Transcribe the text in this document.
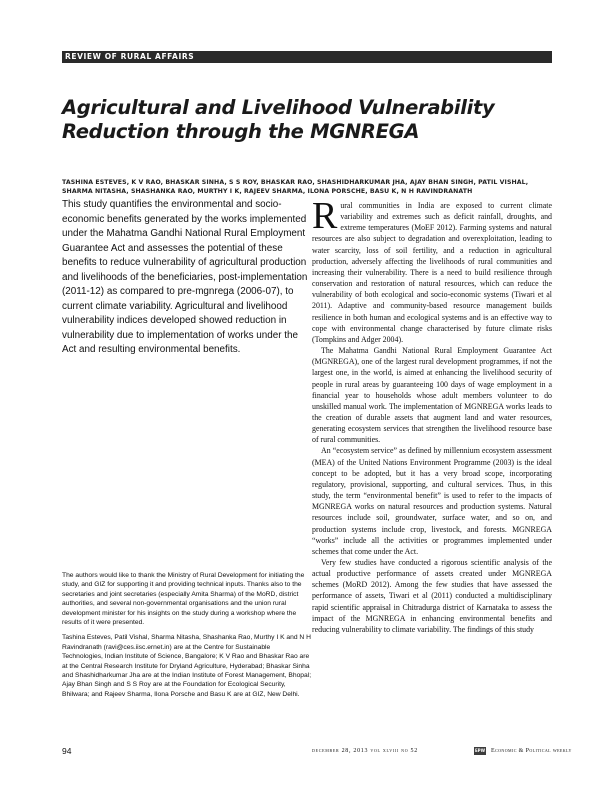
REVIEW OF RURAL AFFAIRS
Agricultural and Livelihood Vulnerability
Reduction through the MGNREGA

TASHINA ESTEVES, K V RAO, BHASKAR SINHA, S S ROY, BHASKAR RAO, SHASHIDHARKUMAR JHA, AJAY BHAN SINGH, PATIL VISHAL,
SHARMA NITASHA, SHASHANKA RAO, MURTHY I K, RAJEEV SHARMA, ILONA PORSCHE, BASU K, N H RAVINDRANATH

This study quantifies the environmental and socio-economic benefits generated by the works implemented under the Mahatma Gandhi National Rural Employment Guarantee Act and assesses the potential of these benefits to reduce vulnerability of agricultural production and livelihoods of the beneficiaries, post-implementation (2011-12) as compared to pre-mgnrega (2006-07), to current climate variability. Agricultural and livelihood vulnerability indices developed showed reduction in vulnerability due to implementation of works under the Act and resulting environmental benefits.

The authors would like to thank the Ministry of Rural Development for initiating the study, and GIZ for supporting it and providing technical inputs. Thanks also to the secretaries and joint secretaries (especially Amita Sharma) of the MoRD, district authorities, and several non-governmental organisations and the union rural development minister for his insights on the study during a workshop where the results of it were presented.

Tashina Esteves, Patil Vishal, Sharma Nitasha, Shashanka Rao, Murthy I K and N H Ravindranath (ravi@ces.iisc.ernet.in) are at the Centre for Sustainable Technologies, Indian Institute of Science, Bangalore; K V Rao and Bhaskar Rao are at the Central Research Institute for Dryland Agriculture, Hyderabad; Bhaskar Sinha and Shashidharkumar Jha are at the Indian Institute of Forest Management, Bhopal; Ajay Bhan Singh and S S Roy are at the Foundation for Ecological Security, Bhilwara; and Rajeev Sharma, Ilona Porsche and Basu K are at GIZ, New Delhi.

Rural communities in India are exposed to current climate variability and extremes such as deficit rainfall, droughts, and extreme temperatures (MoEF 2012). Farming systems and natural resources are also subject to degradation and overexploitation, leading to water scarcity, loss of soil fertility, and a reduction in agricultural production, adversely affecting the livelihoods of rural communities and increasing their vulnerability. There is a need to build resilience through conservation and restoration of natural resources, which can reduce the vulnerability of both ecological and socio-economic systems (Tiwari et al 2011). Adaptive and community-based resource management builds resilience in both human and ecological systems and is an effective way to cope with environmental change characterised by future climate risks (Tompkins and Adger 2004).

The Mahatma Gandhi National Rural Employment Guarantee Act (MGNREGA), one of the largest rural development programmes, if not the largest one, in the world, is aimed at enhancing the livelihood security of people in rural areas by guaranteeing 100 days of wage employment in a financial year to households whose adult members volunteer to do unskilled manual work. The implementation of MGNREGA works leads to the creation of durable assets that augment land and water resources, generating ecosystem services that strengthen the livelihood resource base of rural communities.

An “ecosystem service” as defined by millennium ecosystem assessment (MEA) of the United Nations Environment Programme (2003) is the ideal concept to be adopted, but it has a very broad scope, incorporating regulatory, provisional, supporting, and cultural services. Thus, in this study, the term “environmental benefit” is used to refer to the impacts of MGNREGA works on natural resources and production systems. Natural resources include soil, groundwater, surface water, and so on, and production systems include crop, livestock, and forests. MGNREGA “works” include all the activities or programmes implemented under schemes that come under the Act.

Very few studies have conducted a rigorous scientific analysis of the actual productive performance of assets created under MGNREGA schemes (MoRD 2012). Among the few studies that have assessed the performance of assets, Tiwari et al (2011) conducted a multidisciplinary rapid scientific appraisal in Chitradurga district of Karnataka to assess the impact of the MGNREGA in enhancing environmental benefits and reducing vulnerability to climate variability. The findings of this study

94	december 28, 2013 vol xlviii no 52	EPW Economic & Political weekly
